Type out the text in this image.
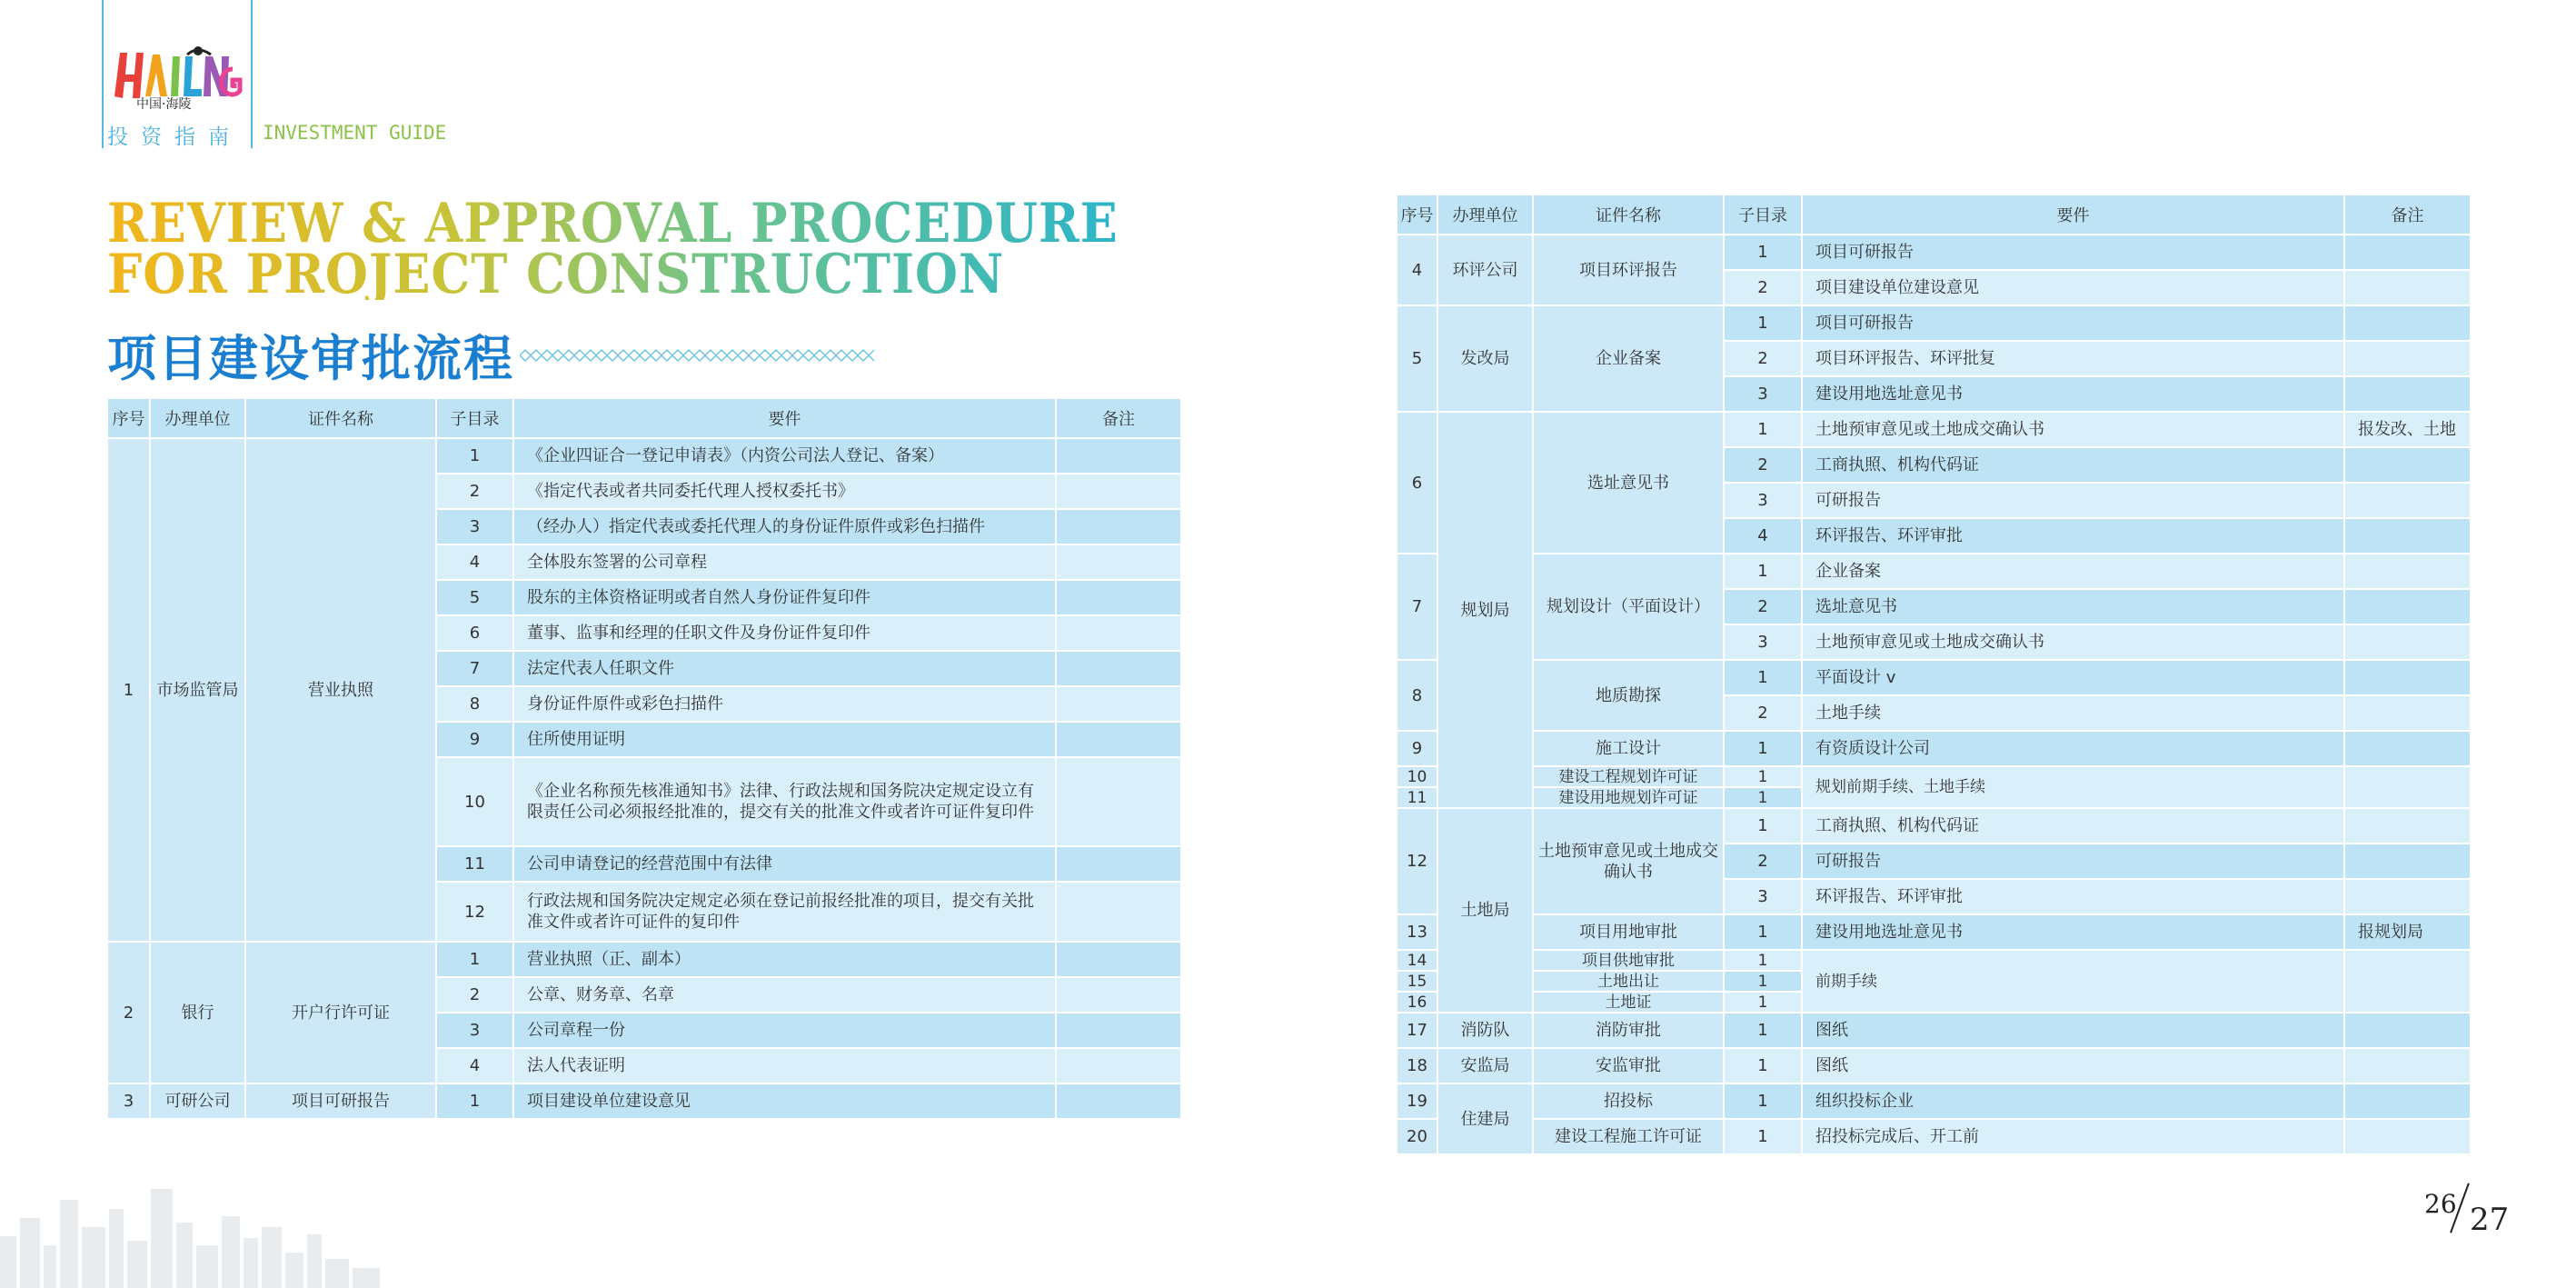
中国·海陵
投资指南 INVESTMENT GUIDE
REVIEW & APPROVAL PROCEDURE
FOR PROJECT CONSTRUCTION
项目建设审批流程
序号	办理单位	证件名称	子目录	要件	备注
1	市场监管局	营业执照	1	《企业四证合一登记申请表》（内资公司法人登记、备案）	
			2	《指定代表或者共同委托代理人授权委托书》	
			3	（经办人）指定代表或委托代理人的身份证件原件或彩色扫描件	
			4	全体股东签署的公司章程	
			5	股东的主体资格证明或者自然人身份证件复印件	
			6	董事、监事和经理的任职文件及身份证件复印件	
			7	法定代表人任职文件	
			8	身份证件原件或彩色扫描件	
			9	住所使用证明	
			10	《企业名称预先核准通知书》法律、行政法规和国务院决定规定设立有限责任公司必须报经批准的，提交有关的批准文件或者许可证件复印件	
			11	公司申请登记的经营范围中有法律	
			12	行政法规和国务院决定规定必须在登记前报经批准的项目，提交有关批准文件或者许可证件的复印件	
2	银行	开户行许可证	1	营业执照（正、副本）	
			2	公章、财务章、名章	
			3	公司章程一份	
			4	法人代表证明	
3	可研公司	项目可研报告	1	项目建设单位建设意见	
序号	办理单位	证件名称	子目录	要件	备注
4	环评公司	项目环评报告	1	项目可研报告	
			2	项目建设单位建设意见	
5	发改局	企业备案	1	项目可研报告	
			2	项目环评报告、环评批复	
			3	建设用地选址意见书	
6	规划局	选址意见书	1	土地预审意见或土地成交确认书	报发改、土地
			2	工商执照、机构代码证	
			3	可研报告	
			4	环评报告、环评审批	
7		规划设计（平面设计）	1	企业备案	
			2	选址意见书	
			3	土地预审意见或土地成交确认书	
8		地质勘探	1	平面设计 v	
			2	土地手续	
9		施工设计	1	有资质设计公司	
10		建设工程规划许可证	1	规划前期手续、土地手续	
11		建设用地规划许可证	1		
12	土地局	土地预审意见或土地成交确认书	1	工商执照、机构代码证	
			2	可研报告	
			3	环评报告、环评审批	
13		项目用地审批	1	建设用地选址意见书	报规划局
14		项目供地审批	1	前期手续	
15		土地出让	1		
16		土地证	1		
17	消防队	消防审批	1	图纸	
18	安监局	安监审批	1	图纸	
19	住建局	招投标	1	组织投标企业	
20		建设工程施工许可证	1	招投标完成后、开工前	
26 27
